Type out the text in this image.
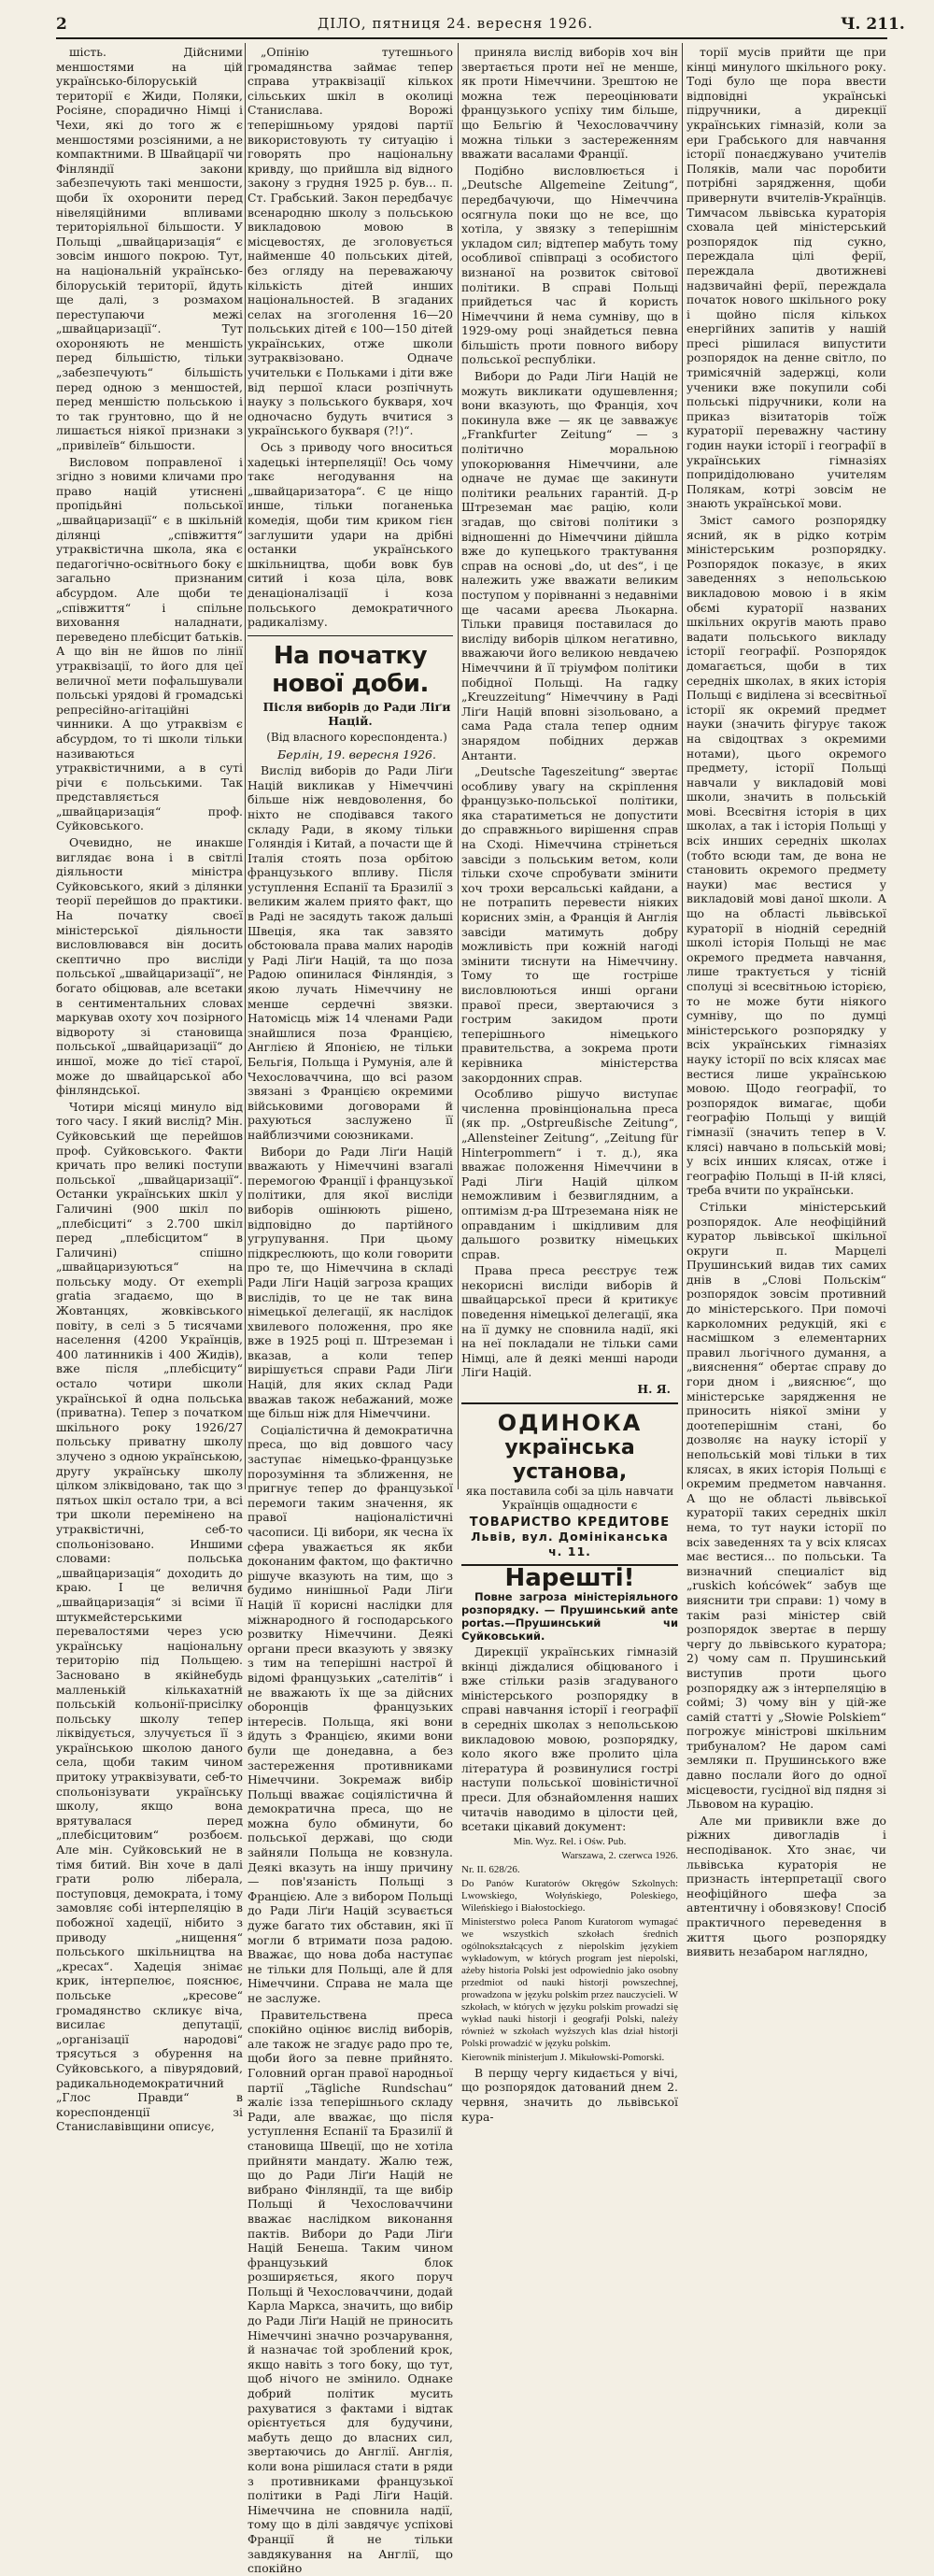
2	ДІЛО, пятниця 24. вересня 1926.	Ч. 211.

шість. Дійсними меншостями на цій українсько-білоруській території є Жиди, Поляки, Росіяне, спорадично Німці і Чехи, які до того ж є меншостями розсіяними, а не компактними. В Швайцарії чи Фінляндії закони забезпечують такі меншости, щоби їх охоронити перед нівеляційними впливами територіяльної більшости. У Польщі „швайцаризація“ є зовсім иншого покрою. Тут, на національній українсько-білоруській території, йдуть ще далі, з розмахом переступаючи межі „швайцаризації“. Тут охороняють не меншість перед більшістю, тільки „забезпечують“ більшість перед одною з меншостей, перед меншістю польською і то так грунтовно, що й не лишається ніякої признаки з „привілеїв“ більшости.

Висловом поправленої і згідно з новими кличами про право націй утиснені пропідьйні польської „швайцаризації“ є в шкільній ділянці „співжиття“ утраквістична школа, яка є педагогічно-освітнього боку є загально признаним абсурдом. Але щоби те „співжиття“ і спільне виховання наладнати, переведено плебісцит батьків. А що він не йшов по лінії утраквізації, то його для цеї величної мети пофальшували польські урядові й громадські репресійно-агітаційні чинники. А що утраквізм є абсурдом, то ті школи тільки називаються утраквістичними, а в суті річи є польськими. Так представляється „швайцаризація“ проф. Суйковського.

Очевидно, не инакше виглядає вона і в світлі діяльности міністра Суйковського, який з ділянки теорії перейшов до практики. На початку своєї міністерської діяльности висловлювався він досить скептично про висліди польської „швайцаризації“, не богато обіцював, але всетаки в сентиментальних словах маркував охоту хоч позірного відвороту зі становища польської „швайцаризації“ до иншої, може до тієї старої, може до швайцарської або фінляндської.

Чотири місяці минуло від того часу. І який вислід? Мін. Суйковський ще перейшов проф. Суйковського. Факти кричать про великі поступи польської „швайцаризації“. Останки українських шкіл у Галичині (900 шкіл по „плебісциті“ з 2.700 шкіл перед „плебісцитом“ в Галичині) спішно „швайцаризуються“ на польську моду. От exempli gratia згадаємо, що в Жовтанцях, жовківського повіту, в селі з 5 тисячами населення (4200 Українців, 400 латинників і 400 Жидів), вже після „плебісциту“ остало чотири школи української й одна польська (приватна). Тепер з початком шкільного року 1926/27 польську приватну школу злучено з одною українською, другу українську школу цілком зліквідовано, так що з пятьох шкіл остало три, а всі три школи перемінено на утраквістичні, себ-то спольонізовано. Иншими словами: польська „швайцаризація“ доходить до краю. І це величня „швайцаризація“ зі всіми її штукмейстерськими перевалостями через усю українську національну територію під Польщею. Засновано в якійнебудь малленькій кількахатній польській кольонії-присілку польську школу тепер ліквідується, злучується її з українською школою даного села, щоби таким чином притоку утраквізувати, себ-то спольонізувати українську школу, якщо вона врятувалася перед „плебісцитовим“ розбоєм. Але мін. Суйковський не в тімя битий. Він хоче в далі грати ролю ліберала, поступовця, демократа, і тому замовляє собі інтерпеляцію в побожної хадеції, нібито з приводу „нищення“ польського шкільництва на „кресах“. Хадеція знімає крик, інтерпелює, пояснює, польське „кресове“ громадянство скликує віча, висилає депутації, „організації народові“ трясуться з обурення на Суйковського, а півурядовий, радикальнодемократичний „Глос Правди“ в кореспонденції зі Станиславівщини описує,

„Опінію тутешнього громадянства займає тепер справа утраквізації кількох сільських шкіл в околиці Станислава. Ворожі теперішньому урядові партії використовують ту ситуацію і говорять про національну кривду, що прийшла від відного закону з грудня 1925 р. був... п. Ст. Грабський. Закон передбачує всенародню школу з польською викладовою мовою в місцевостях, де зголовується найменше 40 польських дітей, без огляду на переважаючу кількість дітей инших національностей. В згаданих селах на згоголення 16—20 польських дітей є 100—150 дітей українських, отже школи зутраквізовано. Одначе учительки є Польками і діти вже від першої класи розпічнуть науку з польського букваря, хоч одночасно будуть вчитися з українського букваря (?!)“.

Ось з приводу чого вноситься хадецькі інтерпеляції! Ось чому такє негодування на „швайцаризатора“. Є це ніщо инше, тільки поганенька комедія, щоби тим криком гієн заглушити удари на дрібні останки українського шкільництва, щоби вовк був ситий і коза ціла, вовк денаціоналізації і коза польського демократичного радикалізму.

На початку нової доби.

Після виборів до Ради Ліґи Націй.

(Від власного кореспондента.)

Берлін, 19. вересня 1926.

Вислід виборів до Ради Ліґи Націй викликав у Німеччині більше ніж невдоволення, бо ніхто не сподівався такого складу Ради, в якому тільки Голяндія і Китай, а почасти ще й Італія стоять поза орбітою французького впливу. Після уступлення Еспанії та Бразилії з великим жалем приято факт, що в Раді не засядуть також дальші Швеція, яка так завзято обстоювала права малих народів у Раді Ліґи Націй, та що поза Радою опинилася Фінляндія, з якою лучать Німеччину не менше сердечні звязки. Натомісць між 14 членами Ради знайшлися поза Францією, Англією й Японією, не тільки Бельгія, Польща і Румунія, але й Чехословаччина, що всі разом звязані з Францією окремими військовими договорами й рахуються заслужено її найблизчими союзниками.

Вибори до Ради Ліґи Націй вважають у Німеччині взагалі перемогою Франції і французької політики, для якої висліди виборів ошінюють рішено, відповідно до партійного угрупування. При цьому підкреслюють, що коли говорити про те, що Німеччина в складі Ради Ліґи Націй загроза кращих вислідів, то це не так вина німецької делегації, як наслідок хвилевого положення, про яке вже в 1925 році п. Штреземан і вказав, а коли тепер вирішується справи Ради Ліґи Націй, для яких склад Ради вважав також небажаний, може ще більш ніж для Німеччини.

Соціалістична й демократична преса, що від довшого часу заступає німецько-французьке порозуміння та зближення, не пригнує тепер до французької перемоги таким значення, як правої націоналістичні часописи. Ці вибори, як чесна їх сфера уважається як якби доконаним фактом, що фактично рішуче вказують на тим, що з будимо нинішньої Ради Ліґи Націй її корисні наслідки для міжнародного й господарського розвитку Німеччини. Деякі органи преси вказують у звязку з тим на теперішні настрої й відомі французьких „сателітів“ і не вважають їх ще за дійсних оборонців французьких інтересів. Польща, які вони йдуть з Францією, якими вони були ще донедавна, а без застереження противниками Німеччини. Зокремаж вибір Польщі вважає соціялістична й демократична преса, що не можна було обминути, бо польської державі, що сюди зайняли Польща не ковзнула. Деякі вказуть на іншу причину — пов'язаність Польщі з Францією. Але з вибором Польщі до Ради Ліґи Націй зсувається дуже багато тих обставин, які її могли б втримати поза радою. Вважає, що нова доба наступає не тільки для Польщі, але й для Німеччини. Справа не мала ще не заслуже.

Правительствена преса спокійно оцінює вислід виборів, але також не згадує радо про те, щоби його за певне прийнято. Головний орган правої народньої партії „Tägliche Rundschau“ жаліє ізза теперішнього складу Ради, але вважає, що після уступлення Еспанії та Бразилії й становища Швеції, що не хотіла прийняти мандату. Жалю теж, що до Ради Ліґи Націй не вибрано Фінляндії, та ще вибір Польщі й Чехословаччини вважає наслідком виконання пактів. Вибори до Ради Ліґи Націй Бенеша. Таким чином французький блок розширяється, якого поруч Польщі й Чехословаччини, додай Карла Маркса, значить, що вибір до Ради Ліґи Націй не приносить Німеччині значно розчарування, й назначає той зроблений крок, якщо навіть з того боку, що тут, щоб нічого не змінило. Однаке добрий політик мусить рахуватися з фактами і відтак орієнтується для будучини, мабуть дещо до власних сил, звертаючись до Англії. Англія, коли вона рішилася стати в ряди з противниками французької політики в Раді Ліґи Націй. Німеччина не сповнила надії, тому що в ділі завдячує успіхові Франції й не тільки завдякування на Англії, що спокійно

приняла вислід виборів хоч він звертається проти неї не менше, як проти Німеччини. Зрештою не можна теж переоцінювати французького успіху тим більше, що Бельгію й Чехословаччину можна тільки з застереженням вважати васалами Франції.

Подібно висловлюється і „Deutsche Allgemeine Zeitung“, передбачуючи, що Німеччина осягнула поки що не все, що хотіла, у звязку з теперішнім укладом сил; відтепер мабуть тому особливої співпраці з особистого визнаної на розвиток світової політики. В справі Польщі прийдеться час й користь Німеччини й нема сумніву, що в 1929-ому році знайдеться певна більшість проти повного вибору польської республіки.

Вибори до Ради Ліґи Націй не можуть викликати одушевлення; вони вказують, що Франція, хоч покинула вже — як це завважує „Frankfurter Zeitung“ — з політично моральною упокорювання Німеччини, але одначе не думає ще закинути політики реальних гарантій. Д-р Штреземан має рацію, коли згадав, що світові політики з відношенні до Німеччини дійшла вже до купецького трактування справ на основі „do, ut des“, і це належить уже вважати великим поступом у порівнанні з недавніми ще часами ареєва Льокарна. Тільки правиця поставилася до висліду виборів цілком негативно, вважаючи його великою невдачею Німеччини й її тріумфом політики побідної Польщі. На гадку „Kreuzzeitung“ Німеччину в Раді Ліґи Націй вповні зізольовано, а сама Рада стала тепер одним знарядом побідних держав Антанти.

„Deutsche Tageszeitung“ звертає особливу увагу на скріплення французько-польської політики, яка старатиметься не допустити до справжнього вирішення справ на Сході. Німеччина стрінеться завсіди з польським ветом, коли тільки схоче спробувати змінити хоч трохи версальські кайдани, а не потрапить перевести ніяких корисних змін, а Франція й Англія завсіди матимуть добру можливість при кожній нагоді змінити тиснути на Німеччину. Тому то ще гостріше висловлюються инші органи правої преси, звертаючися з гострим закидом проти теперішнього німецького правительства, а зокрема проти керівника міністерства закордонних справ.

Особливо рішучо виступає численна провінціональна преса (як пр. „Ostpreußische Zeitung“, „Allensteiner Zeitung“, „Zeitung für Hinterpommern“ і т. д.), яка вважає положення Німеччини в Раді Ліґи Націй цілком неможливим і безвиглядним, а оптимізм д-ра Штреземана ніяк не оправданим і шкідливим для дальшого розвитку німецьких справ.

Права преса реєструє теж некорисні висліди виборів й швайцарської преси й критикує поведення німецької делегації, яка на її думку не сповнила надії, які на неї покладали не тільки сами Німці, але й деякі менші народи Ліґи Націй.

Н. Я.
ОДИНОКА
українська установа,
яка поставила собі за ціль навчати Українців ощадности є
ТОВАРИСТВО КРЕДИТОВЕ
Львів, вул. Домініканська ч. 11.
Нарешті!

Повне загроза міністеріяльного розпорядку. — Прушинський ante portas.—Прушинський чи Суйковський.

Дирекції українських гімназій вкінці діждалися обіцюваного і вже стільки разів згадуваного міністерського розпорядку в справі навчання історії і географії в середніх школах з непольською викладовою мовою, розпорядку, коло якого вже пролито ціла література й розвинулися гострі наступи польської шовіністичної преси. Для обзнайомлення наших читачів наводимо в цілости цей, всетаки цікавий документ:

Min. Wyz. Rel. i Ośw. Pub.
Warszawa, 2. czerwca 1926.
Nr. II. 628/26.
Do Panów Kuratorów Okręgów Szkolnych: Lwowskiego, Wołyńskiego, Poleskiego, Wileńskiego i Białostockiego.
Ministerstwo poleca Panom Kuratorom wymagać we wszystkich szkołach średnich ogólnokształcących z niepolskim językiem wykładowym, w których program jest niepolski, ażeby historia Polski jest odpowiednio jako osobny przedmiot od nauki historji powszechnej, prowadzona w języku polskim przez nauczycieli. W szkołach, w których w języku polskim prowadzi się wykład nauki historji i geografji Polski, należy również w szkołach wyższych klas dział historji Polski prowadzić w języku polskim.
Kierownik ministerjum J. Mikułowski-Pomorski.

В перщу чергу кидається у вічі, що розпорядок датований днем 2. червня, значить до львівської кура-

торії мусів прийти ще при кінці минулого шкільного року. Тоді було ще пора ввести відповідні українські підручники, а дирекції українських гімназій, коли за ери Грабського для навчання історії понаєджувано учителів Поляків, мали час поробити потрібні зарядження, щоби привернути вчителів-Українців. Тимчасом львівська кураторія сховала цей міністерський розпорядок під сукно, переждала цілі ферії, переждала двотижневі надзвичайні ферії, переждала початок нового шкільного року і щойно після кількох енергійних запитів у нашій пресі рішилася випустити розпорядок на денне світло, по тримісячній задержці, коли ученики вже покупили собі польські підручники, коли на приказ візитаторів тоїж кураторії переважну частину годин науки історії і географії в українських гімназіях попридідолювано учителям Полякам, котрі зовсім не знають української мови.

Зміст самого розпорядку ясний, як в рідко котрім міністерським розпорядку. Розпорядок показує, в яких заведеннях з непольською викладовою мовою і в якім обємі кураторії названих шкільних округів мають право вадати польського викладу історії географії. Розпорядок домагається, щоби в тих середніх школах, в яких історія Польщі є виділена зі всесвітньої історії як окремий предмет науки (значить фігурує також на свідоцтвах з окремими нотами), цього окремого предмету, історії Польщі навчали у викладовій мові школи, значить в польській мові. Всесвітня історія в цих школах, а так і історія Польщі у всіх инших середніх школах (тобто всюди там, де вона не становить окремого предмету науки) має вестися у викладовій мові даної школи. А що на області львівської кураторії в ніодній середній школі історія Польщі не має окремого предмета навчання, лише трактується у тісній сполуці зі всесвітньою історією, то не може бути ніякого сумніву, що по думці міністерського розпорядку у всіх українських гімназіях науку історії по всіх клясах має вестися лише українською мовою. Щодо географії, то розпорядок вимагає, щоби географію Польщі у вищій гімназії (значить тепер в V. клясі) навчано в польській мові; у всіх инших клясах, отже і географію Польщі в II-ій клясі, треба вчити по українськи.

Стільки міністерський розпорядок. Але неофіційний куратор львівської шкільної округи п. Марцелі Прушинський видав тих самих днів в „Слові Польскім“ розпорядок зовсім противний до міністерського. При помочі карколомних редукцій, які є насмішком з елементарних правил льогічного думання, а „вияснення“ обертає справу до гори дном і „вияснює“, що міністерське зарядження не приносить ніякої зміни у доотеперішнім стані, бо дозволяє на науку історії у непольській мові тільки в тих клясах, в яких історія Польщі є окремим предметом навчання. А що не області львівської кураторії таких середніх шкіл нема, то тут науки історії по всіх заведеннях та у всіх клясах має вестися... по польськи. Та визначний специаліст від „ruskich końcówek“ забув ще вияснити три справи: 1) чому в такім разі міністер свій розпорядок звертає в першу чергу до львівського куратора; 2) чому сам п. Прушинський виступив проти цього розпорядку аж з інтерпеляцію в соймі; 3) чому він у цій-же самій статті у „Słowie Polskiem“ погрожує міністрові шкільним трибуналом? Не даром самі земляки п. Прушинського вже давно послали його до одної місцевости, гусідної від пядня зі Львовом на курацію.

Але ми привикли вже до ріжних дивогладів і несподіванок. Хто знає, чи львівська кураторія не признасть інтерпретації свого неофіційного шефа за автентичну і обовязкову! Спосіб практичного переведення в життя цього розпорядку виявить незабаром наглядно,
